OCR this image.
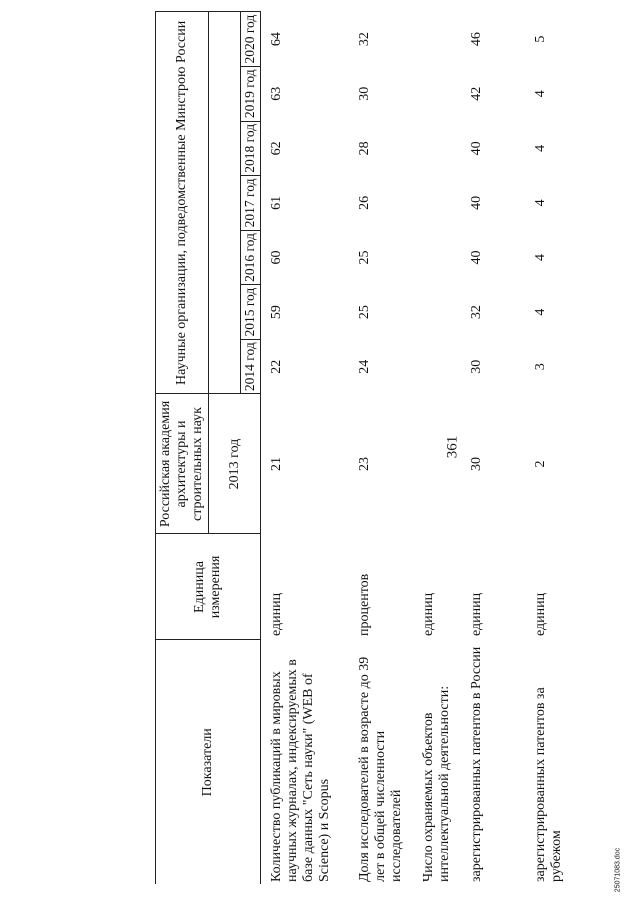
361
25071083.doc
Показатели	Единица измерения	Российская академия архитектуры и строительных наук	Научные организации, подведомственные Минстрою России						
		2013 год							
			2014 год	2015 год	2016 год	2017 год	2018 год	2019 год	2020 год
Количество публикаций в мировых научных журналах, индексируемых в базе данных "Сеть науки" (WEB of Science) и Scopus	единиц	21	22	59	60	61	62	63	64
Доля исследователей в возрасте до 39 лет в общей численности исследователей	процентов	23	24	25	25	26	28	30	32
Число охраняемых объектов интеллектуальной деятельности:	единиц								
зарегистрированных патентов в России	единиц	30	30	32	40	40	40	42	46
зарегистрированных патентов за рубежом	единиц	2	3	4	4	4	4	4	5
